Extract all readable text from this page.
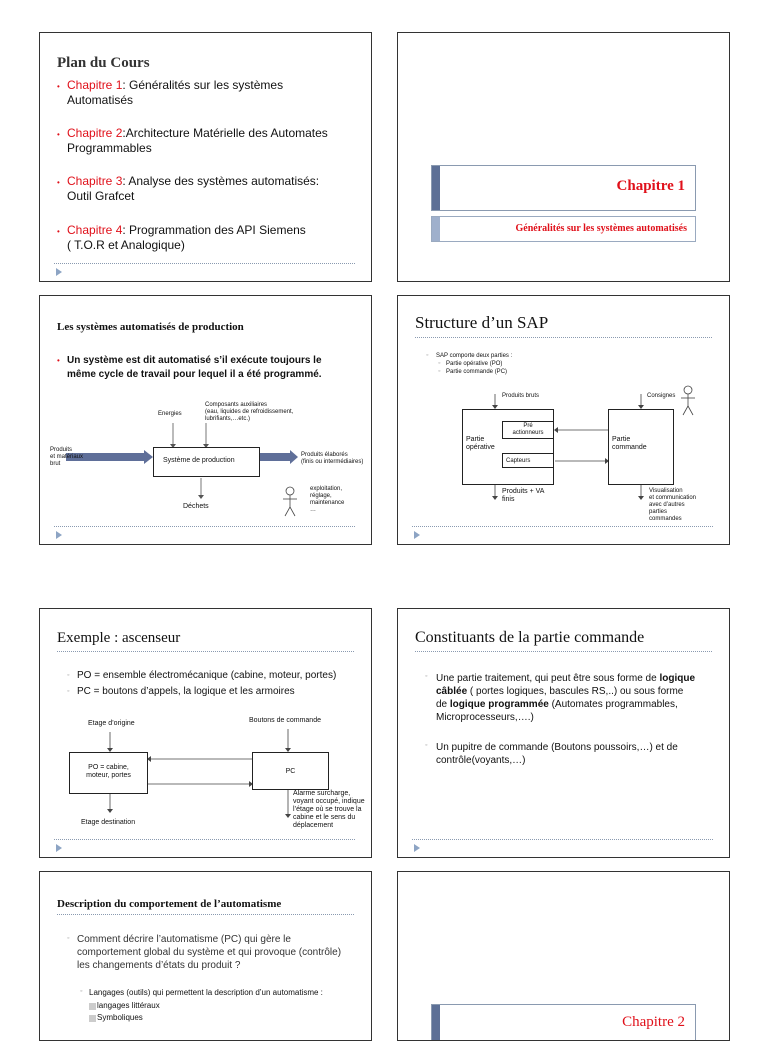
Plan du Cours
• Chapitre 1: Généralités sur les systèmes
Automatisés
• Chapitre 2:Architecture Matérielle des Automates
Programmables
• Chapitre 3: Analyse des systèmes automatisés:
Outil Grafcet
• Chapitre 4: Programmation des API Siemens
( T.O.R et Analogique)
Chapitre 1
Généralités sur les systèmes automatisés
Les systèmes automatisés de production
• Un système est dit automatisé s’il exécute toujours le
même cycle de travail pour lequel il a été programmé.
Energies
Composants auxiliaires
(eau, liquides de refroidissement,
lubrifiants,…etc.)
Produits
et matériaux
brut	Système de production
Produits élaborés
(finis ou intermédiaires)
Déchets
exploitation,
réglage,
maintenance
…
Structure d’un SAP
◦ SAP comporte deux parties :
◦ Partie opérative (PO)
◦ Partie commande (PC)
Produits bruts	Consignes
Partie
opérative
Pré
actionneurs
Capteurs
Partie
commande
Produits + VA
finis
Visualisation
et communication
avec d’autres
parties
commandes
Exemple : ascenseur
◦ PO = ensemble électromécanique (cabine, moteur, portes)
◦ PC = boutons d’appels, la logique et les armoires
Etage d’origine	Boutons de commande
PO = cabine,
moteur, portes
PC
Etage destination
Alarme surcharge,
voyant occupé, indique
l’étage où se trouve la
cabine et le sens du
déplacement
Constituants de la partie commande
◦ Une partie traitement, qui peut être sous forme de logique
câblée ( portes logiques, bascules RS,..) ou sous forme
de logique programmée (Automates programmables,
Microprocesseurs,….)
◦ Un pupitre de commande (Boutons poussoirs,…) et de
contrôle(voyants,…)
Description du comportement de l’automatisme
◦ Comment décrire l’automatisme (PC) qui gère le
comportement global du système et qui provoque (contrôle)
les changements d’états du produit ?
◦ Langages (outils) qui permettent la description d’un automatisme :
langages littéraux
Symboliques	Chapitre 2
